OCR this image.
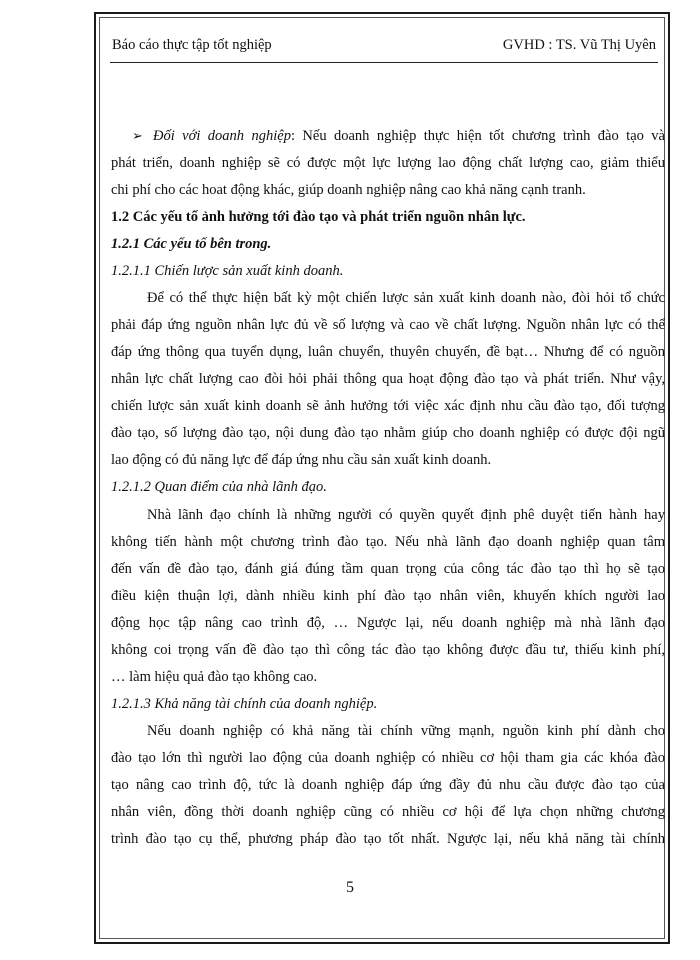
Báo cáo thực tập tốt nghiệp	GVHD : TS. Vũ Thị Uyên
➢ Đối với doanh nghiệp: Nếu doanh nghiệp thực hiện tốt chương trình đào tạo và
phát triển, doanh nghiệp sẽ có được một lực lượng lao động chất lượng cao, giảm thiểu
chi phí cho các hoat động khác, giúp doanh nghiệp nâng cao khả năng cạnh tranh.
1.2 Các yếu tố ảnh hưởng tới đào tạo và phát triển nguồn nhân lực.
1.2.1 Các yếu tố bên trong.
1.2.1.1 Chiến lược sản xuất kinh doanh.
Để có thể thực hiện bất kỳ một chiến lược sản xuất kinh doanh nào, đòi hỏi tổ chức
phải đáp ứng nguồn nhân lực đủ về số lượng và cao về chất lượng. Nguồn nhân lực có thể
đáp ứng thông qua tuyển dụng, luân chuyển, thuyên chuyển, đề bạt… Nhưng để có nguồn
nhân lực chất lượng cao đòi hỏi phải thông qua hoạt động đào tạo và phát triển. Như vậy,
chiến lược sản xuất kinh doanh sẽ ảnh hưởng tới việc xác định nhu cầu đào tạo, đối tượng
đào tạo, số lượng đào tạo, nội dung đào tạo nhằm giúp cho doanh nghiệp có được đội ngũ
lao động có đủ năng lực để đáp ứng nhu cầu sản xuất kinh doanh.
1.2.1.2 Quan điểm của nhà lãnh đạo.
Nhà lãnh đạo chính là những người có quyền quyết định phê duyệt tiến hành hay
không tiến hành một chương trình đào tạo. Nếu nhà lãnh đạo doanh nghiệp quan tâm
đến vấn đề đào tạo, đánh giá đúng tầm quan trọng của công tác đào tạo thì họ sẽ tạo
điều kiện thuận lợi, dành nhiều kinh phí đào tạo nhân viên, khuyến khích người lao
động học tập nâng cao trình độ, … Ngược lại, nếu doanh nghiệp mà nhà lãnh đạo
không coi trọng vấn đề đào tạo thì công tác đào tạo không được đầu tư, thiếu kinh phí,
… làm hiệu quả đào tạo không cao.
1.2.1.3 Khả năng tài chính của doanh nghiệp.
Nếu doanh nghiệp có khả năng tài chính vững mạnh, nguồn kinh phí dành cho
đào tạo lớn thì người lao động của doanh nghiệp có nhiều cơ hội tham gia các khóa đào
tạo nâng cao trình độ, tức là doanh nghiệp đáp ứng đầy đủ nhu cầu được đào tạo của
nhân viên, đồng thời doanh nghiệp cũng có nhiều cơ hội để lựa chọn những chương
trình đào tạo cụ thể, phương pháp đào tạo tốt nhất. Ngược lại, nếu khả năng tài chính
5
